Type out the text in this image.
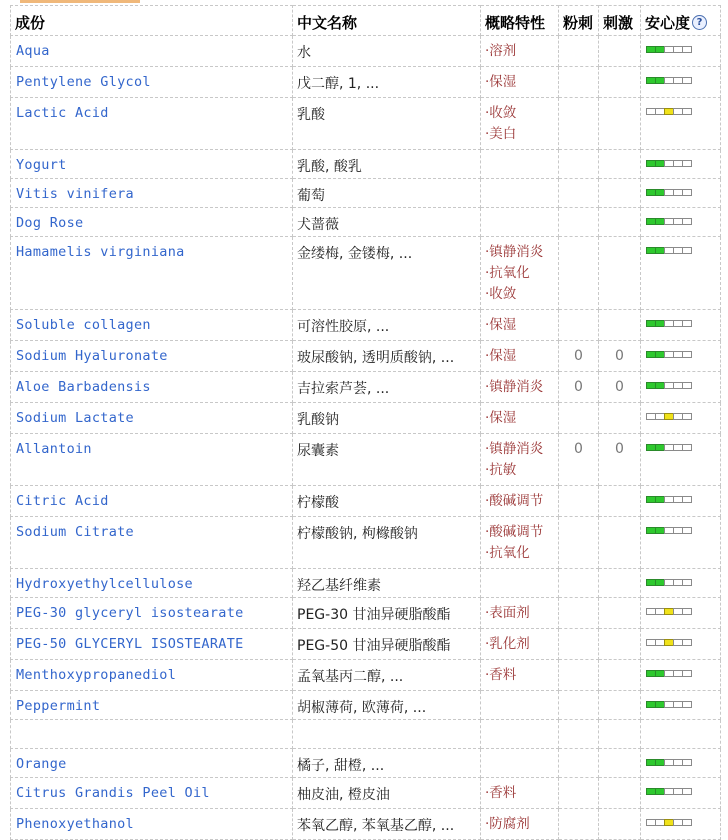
成份	中文名称	概略特性	粉刺	刺激	安心度 ?

Aqua	水	· 溶剂

Pentylene Glycol	戊二醇, 1, ...	· 保湿

Lactic Acid	乳酸	· 收敛
· 美白

Yogurt	乳酸, 酸乳				

Vitis vinifera	葡萄				

Dog Rose	犬蔷薇				

Hamamelis virginiana	金缕梅, 金镂梅, ...	· 镇静消炎
· 抗氧化
· 收敛

Soluble collagen	可溶性胶原, ...	· 保湿

Sodium Hyaluronate	玻尿酸钠, 透明质酸钠, ...	· 保湿	0	0	

Aloe Barbadensis	吉拉索芦荟, ...	· 镇静消炎	0	0	

Sodium Lactate	乳酸钠	· 保湿

Allantoin	尿囊素	· 镇静消炎
· 抗敏	0	0	

Citric Acid	柠檬酸	· 酸碱调节

Sodium Citrate	柠檬酸钠, 枸橼酸钠	· 酸碱调节
· 抗氧化

Hydroxyethylcellulose	羟乙基纤维素				

PEG-30 glyceryl isostearate	PEG-30 甘油异硬脂酸酯	· 表面剂

PEG-50 GLYCERYL ISOSTEARATE	PEG-50 甘油异硬脂酸酯	· 乳化剂

Menthoxypropanediol	孟氧基丙二醇, ...	· 香料

Peppermint	胡椒薄荷, 欧薄荷, ...				

Orange	橘子, 甜橙, ...				

Citrus Grandis Peel Oil	柚皮油, 橙皮油	· 香料

Phenoxyethanol	苯氧乙醇, 苯氧基乙醇, ...	· 防腐剂
